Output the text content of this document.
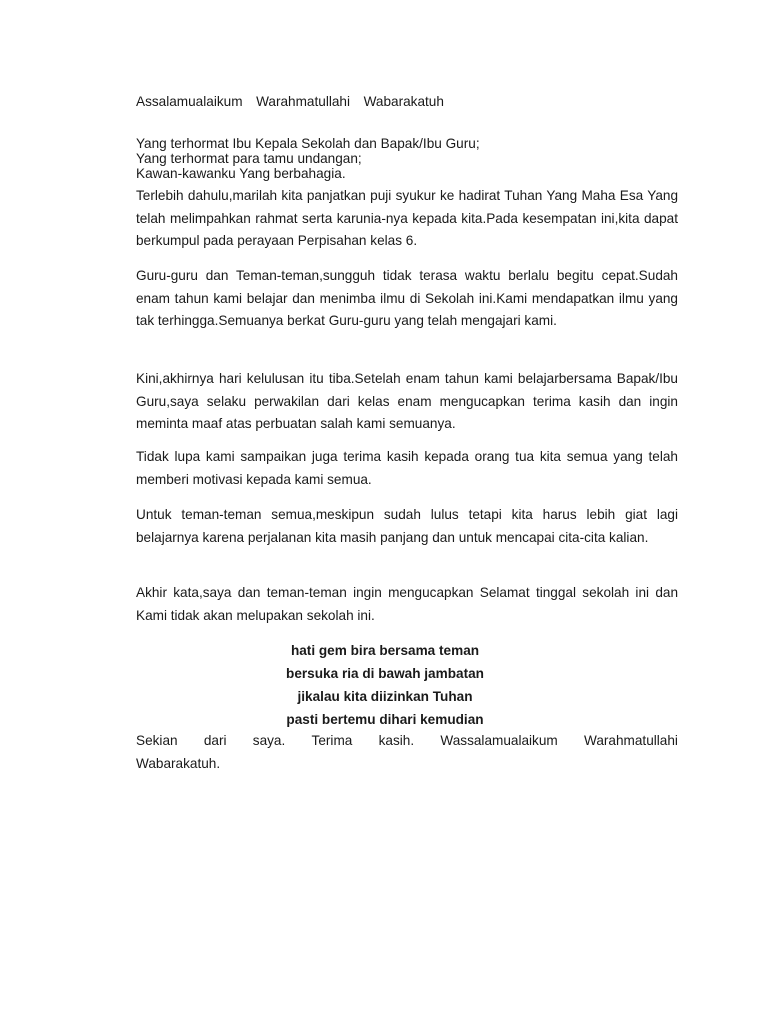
Assalamualaikum  Warahmatullahi  Wabarakatuh
Yang terhormat Ibu Kepala Sekolah dan Bapak/Ibu Guru;
Yang terhormat para tamu undangan;
Kawan-kawanku Yang berbahagia.

Terlebih dahulu,marilah kita panjatkan puji syukur ke hadirat Tuhan Yang Maha Esa Yang telah melimpahkan rahmat serta karunia-nya kepada kita.Pada kesempatan ini,kita dapat berkumpul pada perayaan Perpisahan kelas 6.

Guru-guru dan Teman-teman,sungguh tidak terasa waktu berlalu begitu cepat.Sudah enam tahun kami belajar dan menimba ilmu di Sekolah ini.Kami mendapatkan ilmu yang tak terhingga.Semuanya berkat Guru-guru yang telah mengajari kami.

Kini,akhirnya hari kelulusan itu tiba.Setelah enam tahun kami belajarbersama Bapak/Ibu Guru,saya selaku perwakilan dari kelas enam mengucapkan terima kasih dan ingin meminta maaf atas perbuatan salah kami semuanya.

Tidak lupa kami sampaikan juga terima kasih kepada orang tua kita semua yang telah memberi motivasi kepada kami semua.

Untuk teman-teman semua,meskipun sudah lulus tetapi kita harus lebih giat lagi belajarnya karena perjalanan kita masih panjang dan untuk mencapai cita-cita kalian.

Akhir kata,saya dan teman-teman ingin mengucapkan Selamat tinggal sekolah ini dan Kami tidak akan melupakan sekolah ini.

hati gem bira bersama teman
bersuka ria di bawah jambatan
jikalau kita diizinkan Tuhan
pasti bertemu dihari kemudian
Sekian dari saya. Terima kasih. Wassalamualaikum Warahmatullahi
Wabarakatuh.
